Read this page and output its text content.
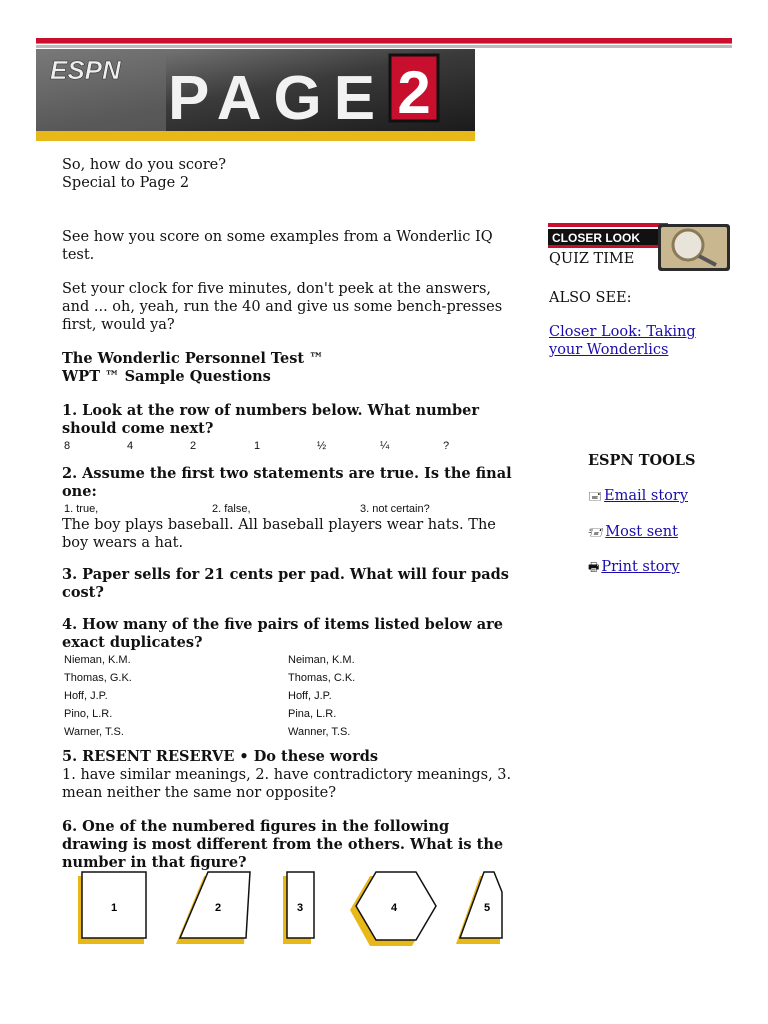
ESPN PAGE 2

So, how do you score?

Special to Page 2

See how you score on some examples from a Wonderlic IQ test.

Set your clock for five minutes, don't peek at the answers, and ... oh, yeah, run the 40 and give us some bench-presses first, would ya?

The Wonderlic Personnel Test ™

WPT ™ Sample Questions

1. Look at the row of numbers below. What number should come next?

8	4	2	1	½	¼	?

2. Assume the first two statements are true. Is the final one:

1. true,	2. false,	3. not certain?

The boy plays baseball. All baseball players wear hats. The boy wears a hat.

3. Paper sells for 21 cents per pad. What will four pads cost?

4. How many of the five pairs of items listed below are exact duplicates?

Nieman, K.M.	Neiman, K.M.
Thomas, G.K.	Thomas, C.K.
Hoff, J.P.	Hoff, J.P.
Pino, L.R.	Pina, L.R.
Warner, T.S.	Wanner, T.S.

5. RESENT RESERVE • Do these words

1. have similar meanings, 2. have contradictory meanings, 3. mean neither the same nor opposite?

6. One of the numbered figures in the following drawing is most different from the others. What is the number in that figure?

1	2	3	4	5
CLOSER LOOK
QUIZ TIME
ALSO SEE:
Closer Look: Taking your Wonderlics
ESPN TOOLS
🖃 Email story
🖅 Most sent
🖶 Print story
